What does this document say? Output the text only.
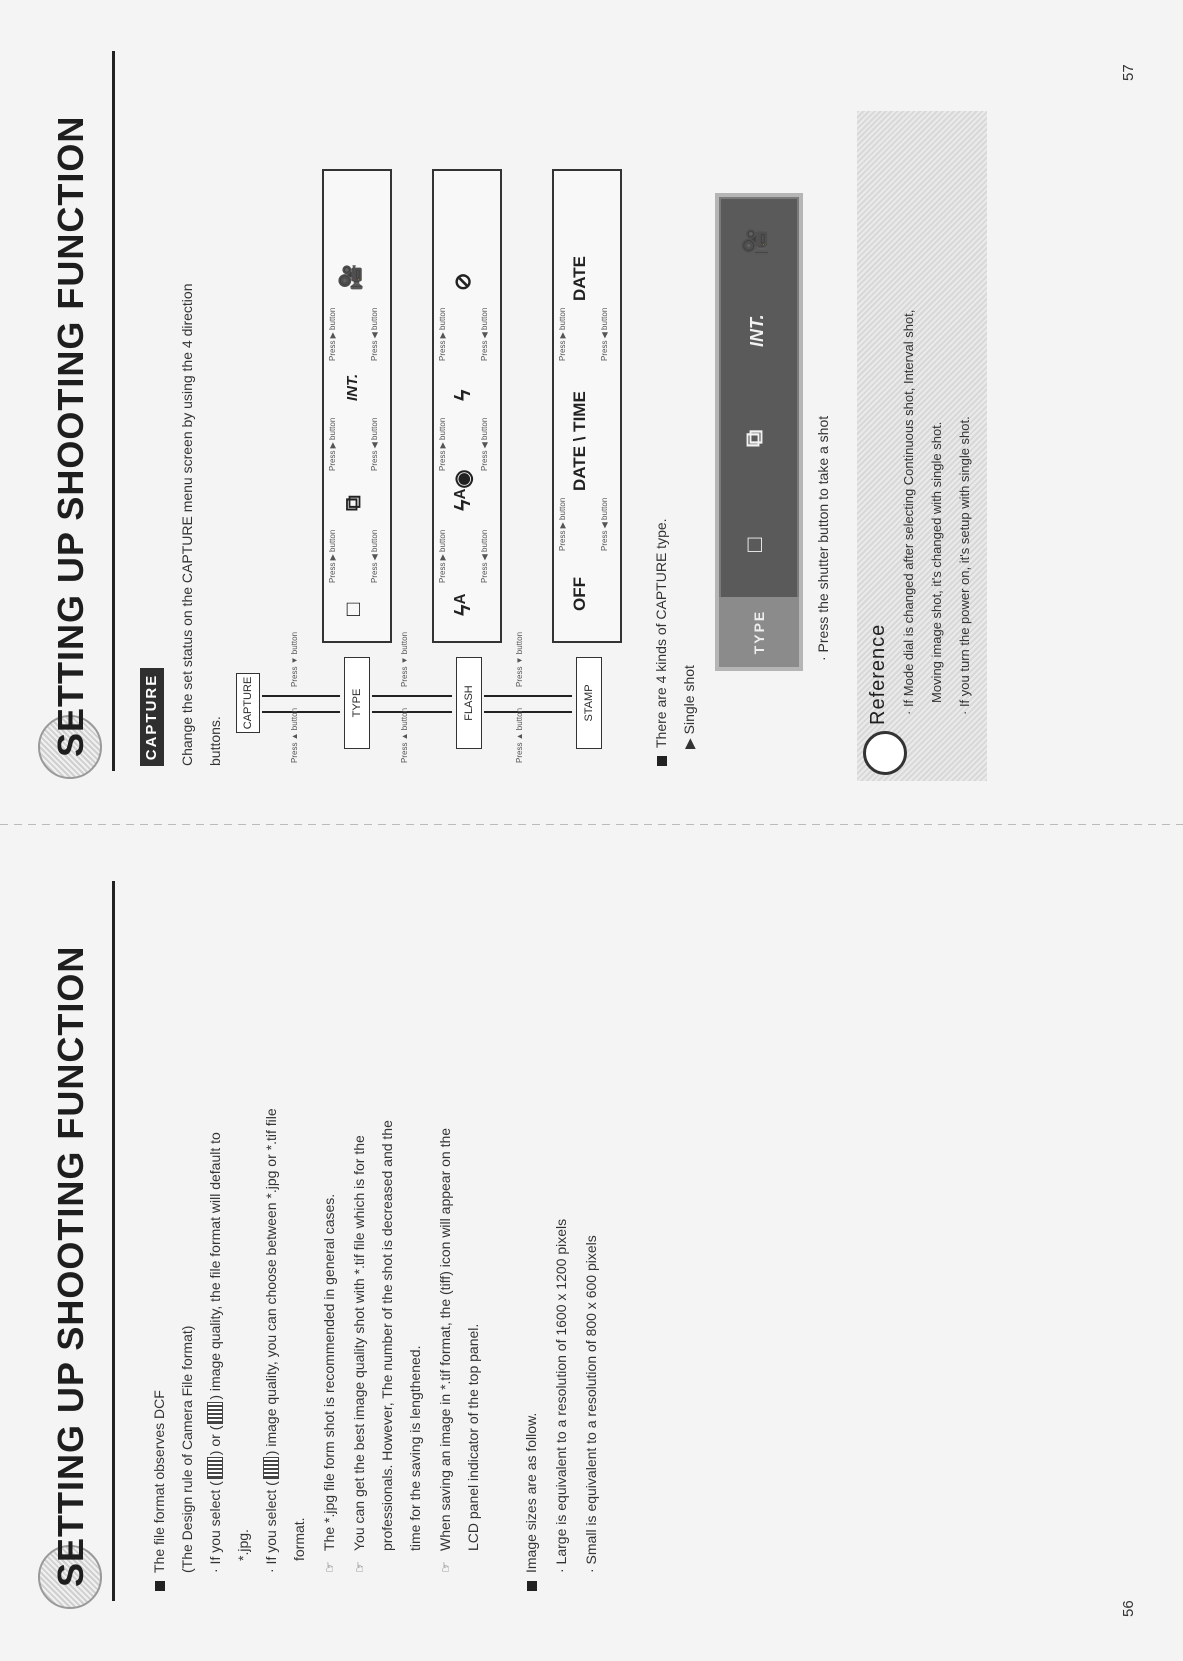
SETTING UP SHOOTING FUNCTION	The file format observes DCF (The Design rule of Camera File format) · If you select () or () image quality, the file format will default to
*.jpg. · If you select () image quality, you can choose between *.jpg or *.tif file
format.
☞The *.jpg file form shot is recommended in general cases.
☞You can get the best image quality shot with *.tif file which is for the professionals. However, The number of the shot is decreased and the time for the saving is lengthened.
☞When saving an image in *.tif format, the (tiff) icon will appear on the LCD panel indicator of the top panel.	Image sizes are as follow. · Large is equivalent to a resolution of 1600 x 1200 pixels · Small is equivalent to a resolution of 800 x 600 pixels
56
SETTING UP SHOOTING FUNCTION	CAPTURE Change the set status on the CAPTURE menu screen by using the 4 direction buttons.
CAPTURE	TYPE	FLASH	STAMP
Press ▲ button
Press ▼ button
Press ▲ button
Press ▼ button
Press ▲ button
Press ▼ button
□
⧉
INT.
🎥
Press ▶ button	Press ◀ button
Press ▶ button	Press ◀ button
Press ▶ button	Press ◀ button
ϟᴬ
ϟᴬ◉
ϟ
⊘
Press ▶ button	Press ◀ button
Press ▶ button	Press ◀ button
Press ▶ button	Press ◀ button
OFF
DATE \ TIME
DATE
Press ▶ button	Press ◀ button
Press ▶ button	Press ◀ button
There are 4 kinds of CAPTURE type. ▶ Single shot
TYPE
□
⧉
INT.
🎥
· Press the shutter button to take a shot
Reference · If Mode dial is changed after selecting Continuous shot, Interval shot, Moving image shot, it's changed with single shot. · If you turn the power on, it's setup with single shot.
57
